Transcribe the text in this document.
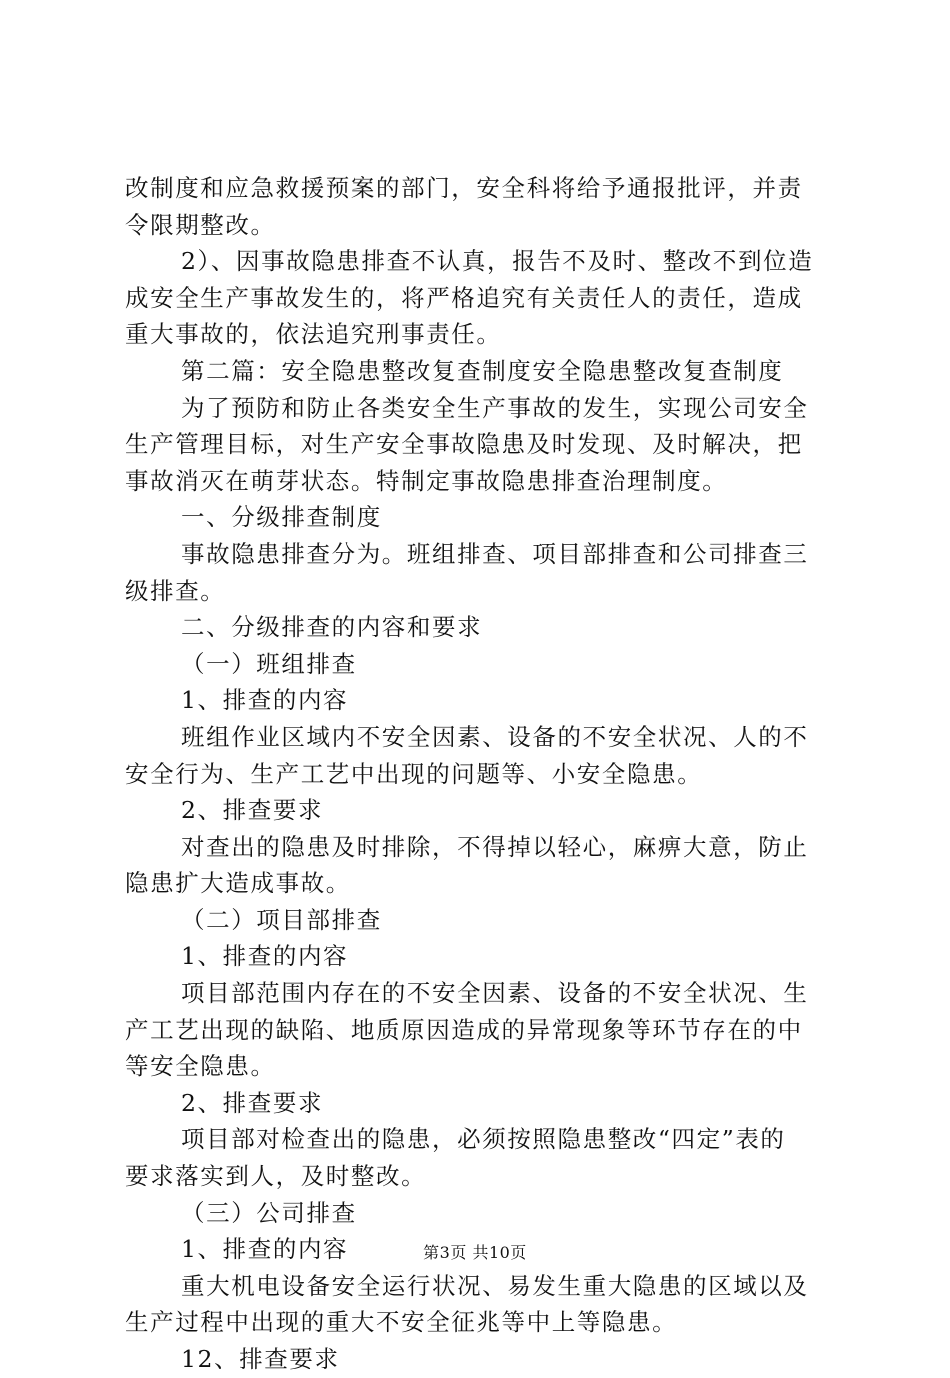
改制度和应急救援预案的部门，安全科将给予通报批评，并责
令限期整改。
2）、因事故隐患排查不认真，报告不及时、整改不到位造
成安全生产事故发生的，将严格追究有关责任人的责任，造成
重大事故的，依法追究刑事责任。
第二篇：安全隐患整改复查制度安全隐患整改复查制度
为了预防和防止各类安全生产事故的发生，实现公司安全
生产管理目标，对生产安全事故隐患及时发现、及时解决，把
事故消灭在萌芽状态。特制定事故隐患排查治理制度。
一、分级排查制度
事故隐患排查分为。班组排查、项目部排查和公司排查三
级排查。
二、分级排查的内容和要求
（一）班组排查
1、排查的内容
班组作业区域内不安全因素、设备的不安全状况、人的不
安全行为、生产工艺中出现的问题等、小安全隐患。
2、排查要求
对查出的隐患及时排除，不得掉以轻心，麻痹大意，防止
隐患扩大造成事故。
（二）项目部排查
1、排查的内容
项目部范围内存在的不安全因素、设备的不安全状况、生
产工艺出现的缺陷、地质原因造成的异常现象等环节存在的中
等安全隐患。
2、排查要求
项目部对检查出的隐患，必须按照隐患整改“四定”表的
要求落实到人，及时整改。
（三）公司排查
1、排查的内容
重大机电设备安全运行状况、易发生重大隐患的区域以及
生产过程中出现的重大不安全征兆等中上等隐患。
12、排查要求
第3页 共10页
